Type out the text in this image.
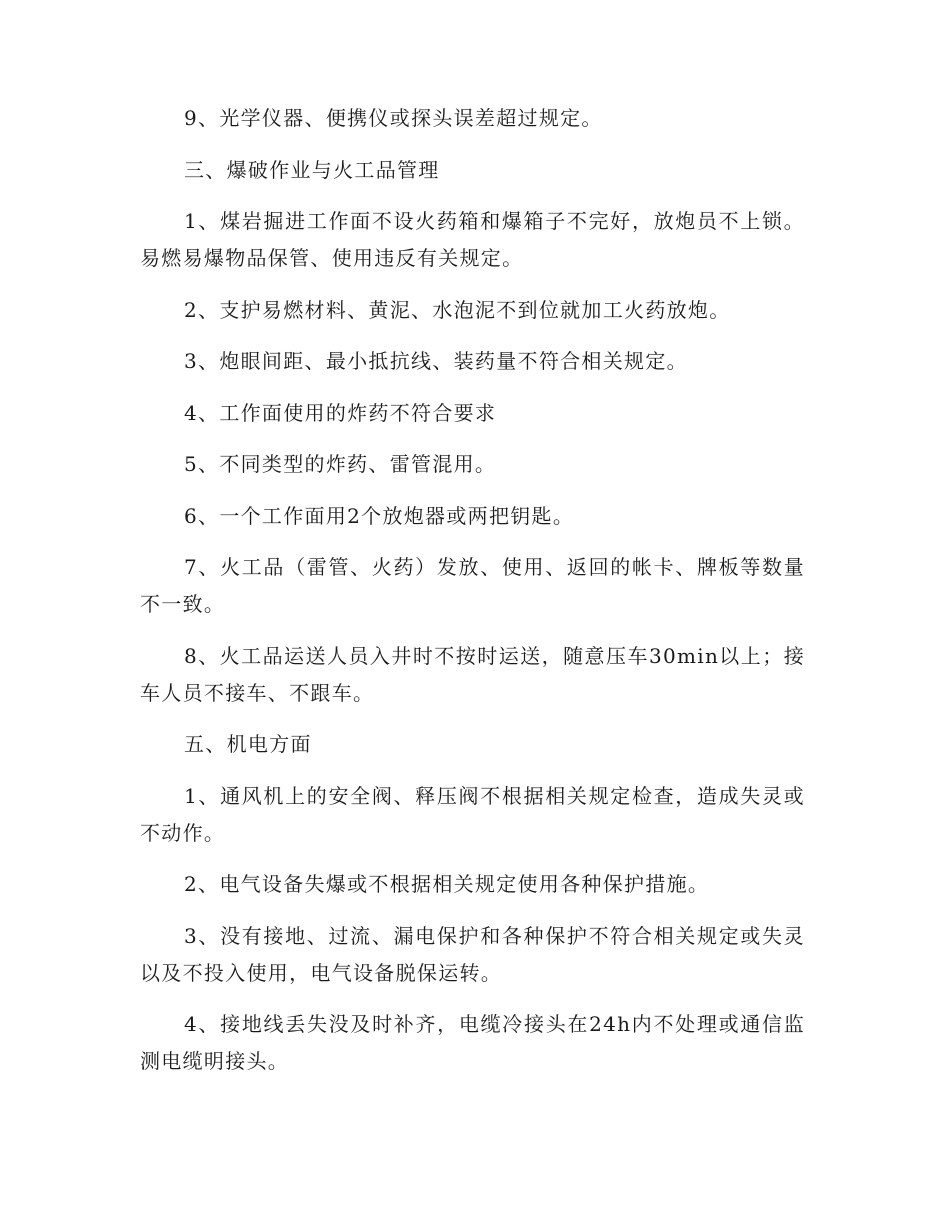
9、光学仪器、便携仪或探头误差超过规定。

三、爆破作业与火工品管理

1、煤岩掘进工作面不设火药箱和爆箱子不完好，放炮员不上锁。易燃易爆物品保管、使用违反有关规定。

2、支护易燃材料、黄泥、水泡泥不到位就加工火药放炮。

3、炮眼间距、最小抵抗线、装药量不符合相关规定。

4、工作面使用的炸药不符合要求

5、不同类型的炸药、雷管混用。

6、一个工作面用2个放炮器或两把钥匙。

7、火工品（雷管、火药）发放、使用、返回的帐卡、牌板等数量不一致。

8、火工品运送人员入井时不按时运送，随意压车30min以上；接车人员不接车、不跟车。

五、机电方面

1、通风机上的安全阀、释压阀不根据相关规定检查，造成失灵或不动作。

2、电气设备失爆或不根据相关规定使用各种保护措施。

3、没有接地、过流、漏电保护和各种保护不符合相关规定或失灵以及不投入使用，电气设备脱保运转。

4、接地线丢失没及时补齐，电缆冷接头在24h内不处理或通信监测电缆明接头。
